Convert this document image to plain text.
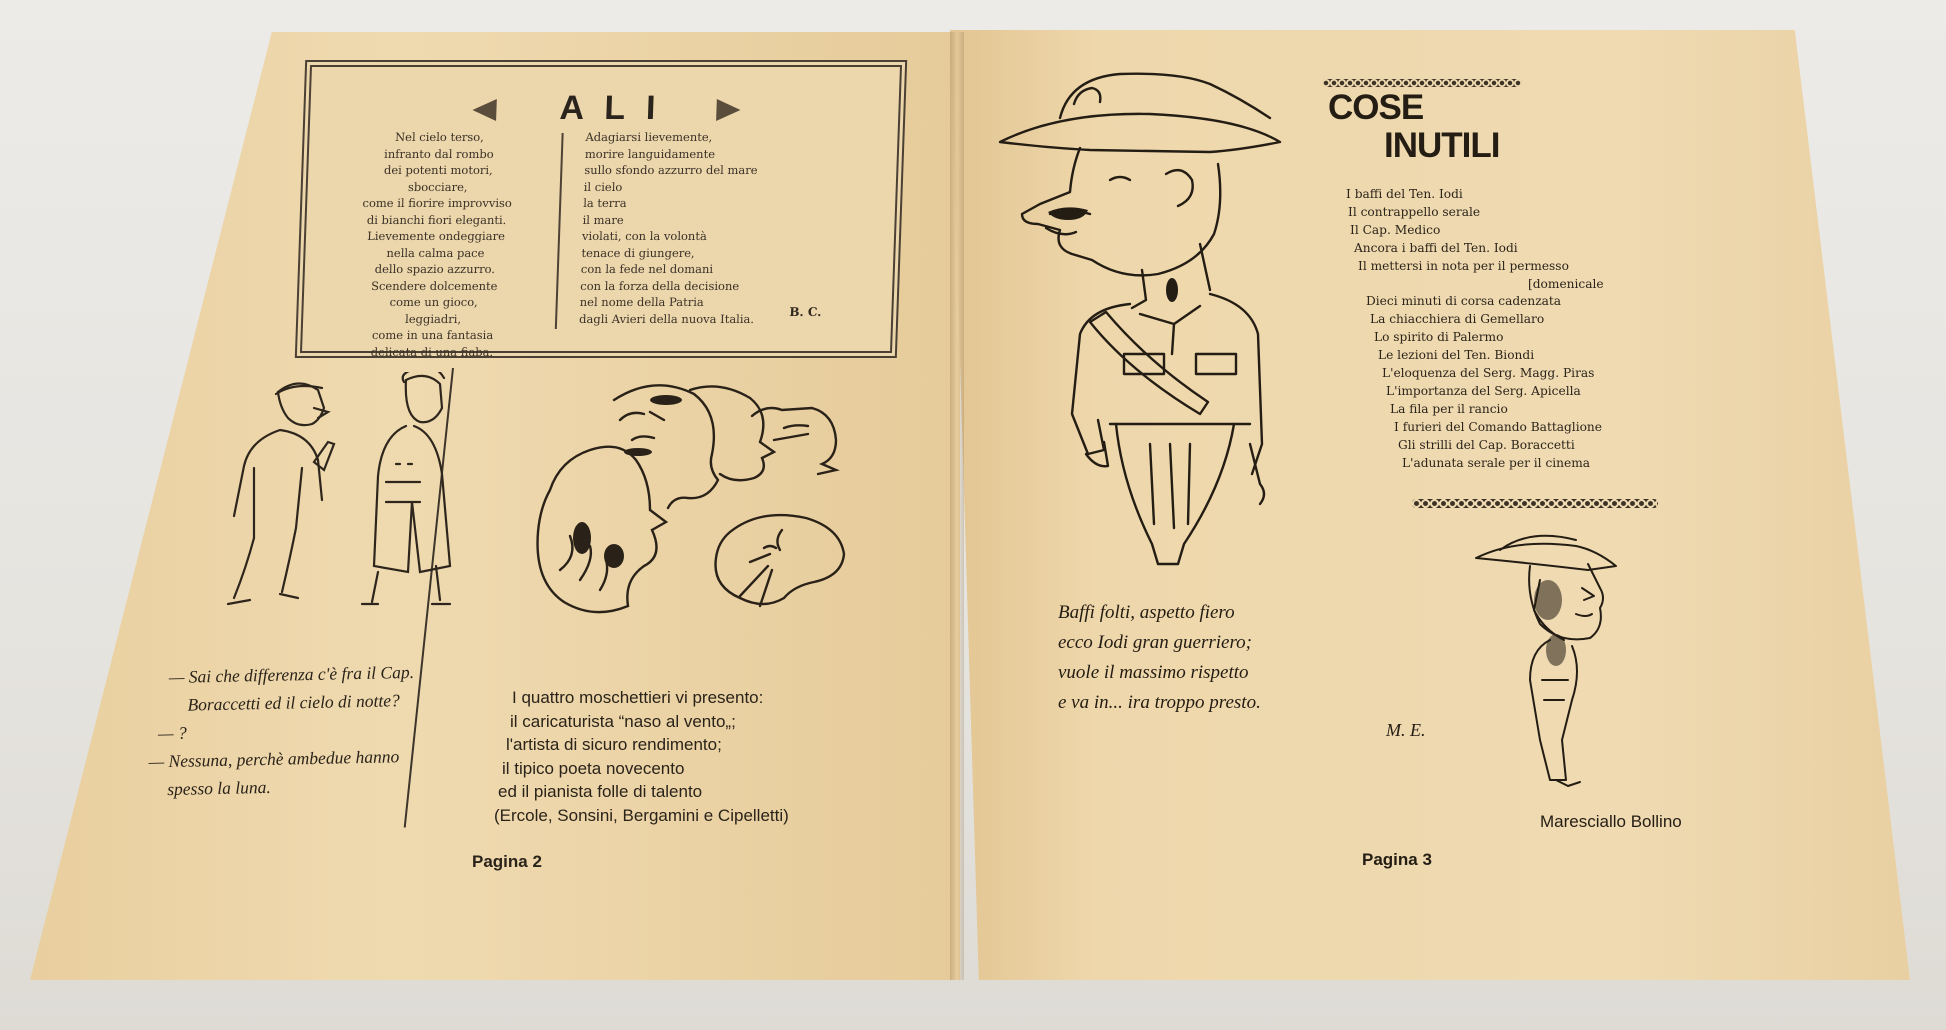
A L I
Nel cielo terso,
infranto dal rombo
dei potenti motori,
sbocciare,
come il fiorire improvviso
di bianchi fiori eleganti.
Lievemente ondeggiare
nella calma pace
dello spazio azzurro.
Scendere dolcemente
come un gioco,
leggiadri,
come in una fantasia
delicata di una fiaba.
Adagiarsi lievemente,
morire languidamente
sullo sfondo azzurro del mare
il cielo
la terra
il mare
violati, con la volontà
tenace di giungere,
con la fede nel domani
con la forza della decisione
nel nome della Patria
dagli Avieri della nuova Italia.	B. C.
— Sai che differenza c'è fra il Cap.
Boraccetti ed il cielo di notte?
— ?
— Nessuna, perchè ambedue hanno
spesso la luna.
I quattro moschettieri vi presento:
il caricaturista “naso al vento„;
l'artista di sicuro rendimento;
il tipico poeta novecento
ed il pianista folle di talento
(Ercole, Sonsini, Bergamini e Cipelletti)
Pagina 2
COSE
INUTILI
I baffi del Ten. Iodi
Il contrappello serale
Il Cap. Medico
Ancora i baffi del Ten. Iodi
Il mettersi in nota per il permesso
[domenicale
Dieci minuti di corsa cadenzata
La chiacchiera di Gemellaro
Lo spirito di Palermo
Le lezioni del Ten. Biondi
L'eloquenza del Serg. Magg. Piras
L'importanza del Serg. Apicella
La fila per il rancio
I furieri del Comando Battaglione
Gli strilli del Cap. Boraccetti
L'adunata serale per il cinema
Baffi folti, aspetto fiero
ecco Iodi gran guerriero;
vuole il massimo rispetto
e va in... ira troppo presto.
M. E.
Maresciallo Bollino
Pagina 3
